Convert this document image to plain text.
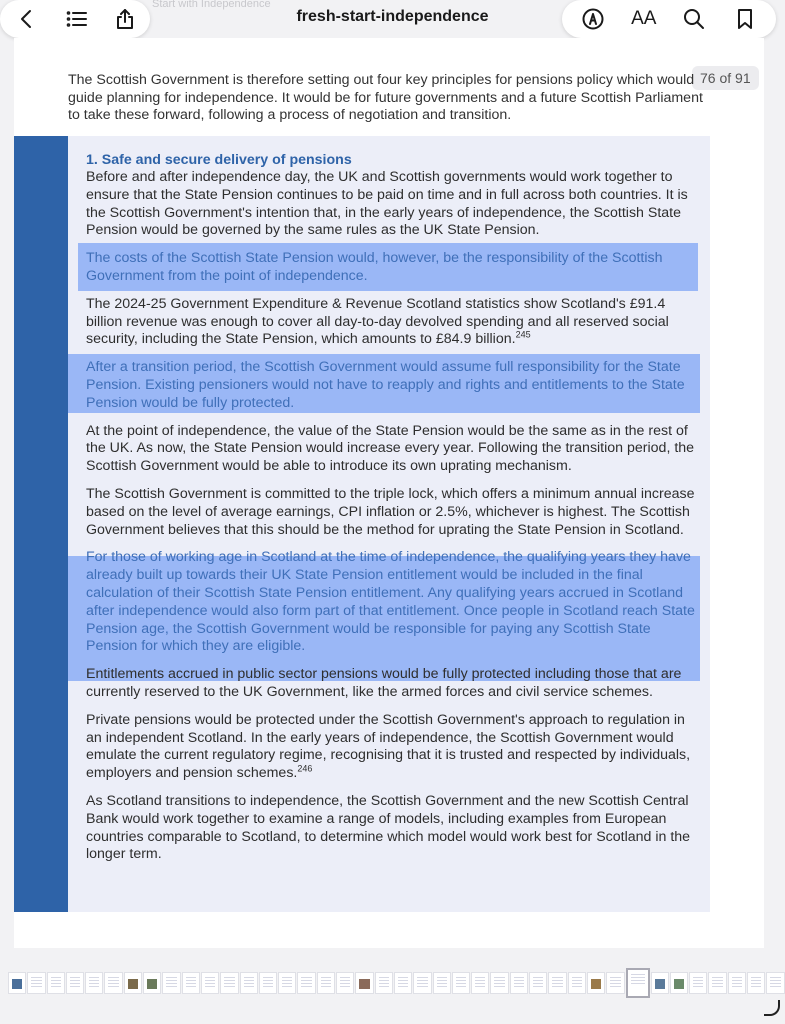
Start with Independence
fresh-start-independence	AA
76 of 91
The Scottish Government is therefore setting out four key principles for pensions policy which would guide planning for independence. It would be for future governments and a future Scottish Parliament to take these forward, following a process of negotiation and transition.
1. Safe and secure delivery of pensions
Before and after independence day, the UK and Scottish governments would work together to ensure that the State Pension continues to be paid on time and in full across both countries. It is the Scottish Government's intention that, in the early years of independence, the Scottish State Pension would be governed by the same rules as the UK State Pension.
The costs of the Scottish State Pension would, however, be the responsibility of the Scottish Government from the point of independence.
The 2024-25 Government Expenditure & Revenue Scotland statistics show Scotland's £91.4 billion revenue was enough to cover all day-to-day devolved spending and all reserved social security, including the State Pension, which amounts to £84.9 billion.$^{245}$
After a transition period, the Scottish Government would assume full responsibility for the State Pension. Existing pensioners would not have to reapply and rights and entitlements to the State Pension would be fully protected.
At the point of independence, the value of the State Pension would be the same as in the rest of the UK. As now, the State Pension would increase every year. Following the transition period, the Scottish Government would be able to introduce its own uprating mechanism.
The Scottish Government is committed to the triple lock, which offers a minimum annual increase based on the level of average earnings, CPI inflation or 2.5%, whichever is highest. The Scottish Government believes that this should be the method for uprating the State Pension in Scotland.
For those of working age in Scotland at the time of independence, the qualifying years they have already built up towards their UK State Pension entitlement would be included in the final calculation of their Scottish State Pension entitlement. Any qualifying years accrued in Scotland after independence would also form part of that entitlement. Once people in Scotland reach State Pension age, the Scottish Government would be responsible for paying any Scottish State Pension for which they are eligible.
Entitlements accrued in public sector pensions would be fully protected including those that are currently reserved to the UK Government, like the armed forces and civil service schemes.
Private pensions would be protected under the Scottish Government's approach to regulation in an independent Scotland. In the early years of independence, the Scottish Government would emulate the current regulatory regime, recognising that it is trusted and respected by individuals, employers and pension schemes.$^{246}$
As Scotland transitions to independence, the Scottish Government and the new Scottish Central Bank would work together to examine a range of models, including examples from European countries comparable to Scotland, to determine which model would work best for Scotland in the longer term.
